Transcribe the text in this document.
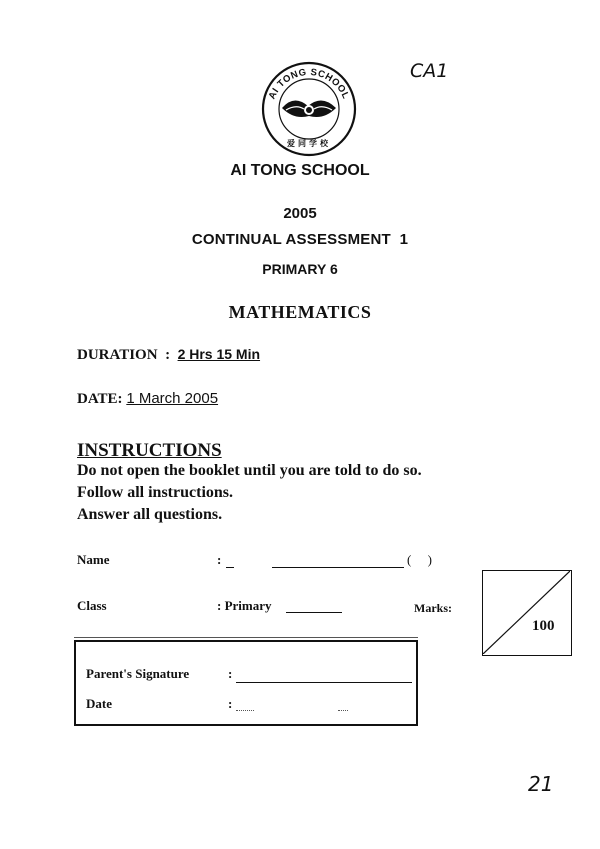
AI TONG SCHOOL
爱同学校
CA1
AI TONG SCHOOL
2005
CONTINUAL ASSESSMENT 1
PRIMARY 6
MATHEMATICS
DURATION  :  2 Hrs 15 Min
DATE: 1 March 2005
INSTRUCTIONS
Do not open the booklet until you are told to do so.
Follow all instructions.
Answer all questions.
Name	:	(     )
Class	: Primary	Marks:
100
Parent's Signature	:
Date	:
21
